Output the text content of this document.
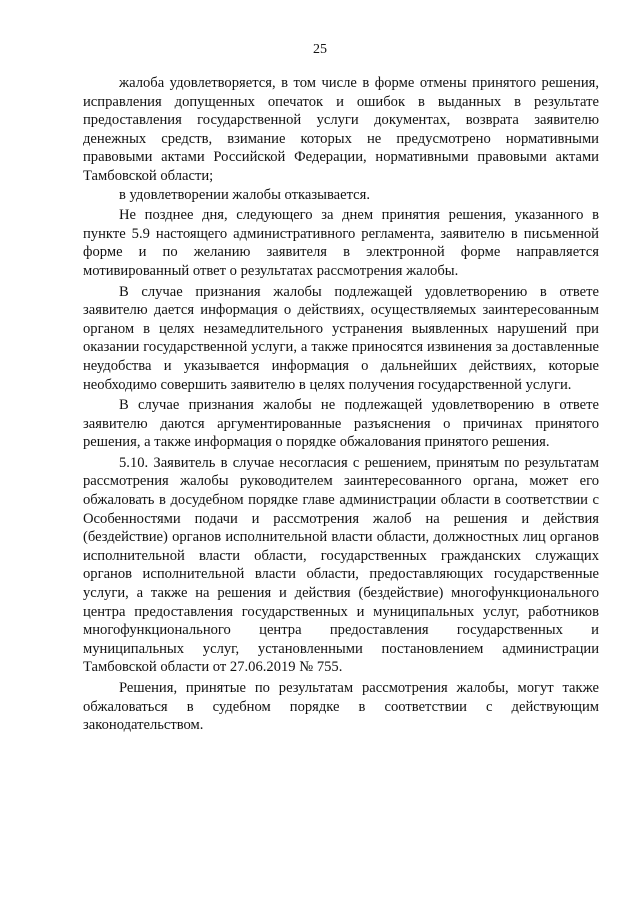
25

жалоба удовлетворяется, в том числе в форме отмены принятого решения, исправления допущенных опечаток и ошибок в выданных в результате предоставления государственной услуги документах, возврата заявителю денежных средств, взимание которых не предусмотрено нормативными правовыми актами Российской Федерации, нормативными правовыми актами Тамбовской области;

в удовлетворении жалобы отказывается.

Не позднее дня, следующего за днем принятия решения, указанного в пункте 5.9 настоящего административного регламента, заявителю в письменной форме и по желанию заявителя в электронной форме направляется мотивированный ответ о результатах рассмотрения жалобы.

В случае признания жалобы подлежащей удовлетворению в ответе заявителю дается информация о действиях, осуществляемых заинтересованным органом в целях незамедлительного устранения выявленных нарушений при оказании государственной услуги, а также приносятся извинения за доставленные неудобства и указывается информация о дальнейших действиях, которые необходимо совершить заявителю в целях получения государственной услуги.

В случае признания жалобы не подлежащей удовлетворению в ответе заявителю даются аргументированные разъяснения о причинах принятого решения, а также информация о порядке обжалования принятого решения.

5.10. Заявитель в случае несогласия с решением, принятым по результатам рассмотрения жалобы руководителем заинтересованного органа, может его обжаловать в досудебном порядке главе администрации области в соответствии с Особенностями подачи и рассмотрения жалоб на решения и действия (бездействие) органов исполнительной власти области, должностных лиц органов исполнительной власти области, государственных гражданских служащих органов исполнительной власти области, предоставляющих государственные услуги, а также на решения и действия (бездействие) многофункционального центра предоставления государственных и муниципальных услуг, работников многофункционального центра предоставления государственных и муниципальных услуг, установленными постановлением администрации Тамбовской области от 27.06.2019 № 755.

Решения, принятые по результатам рассмотрения жалобы, могут также обжаловаться в судебном порядке в соответствии с действующим законодательством.
